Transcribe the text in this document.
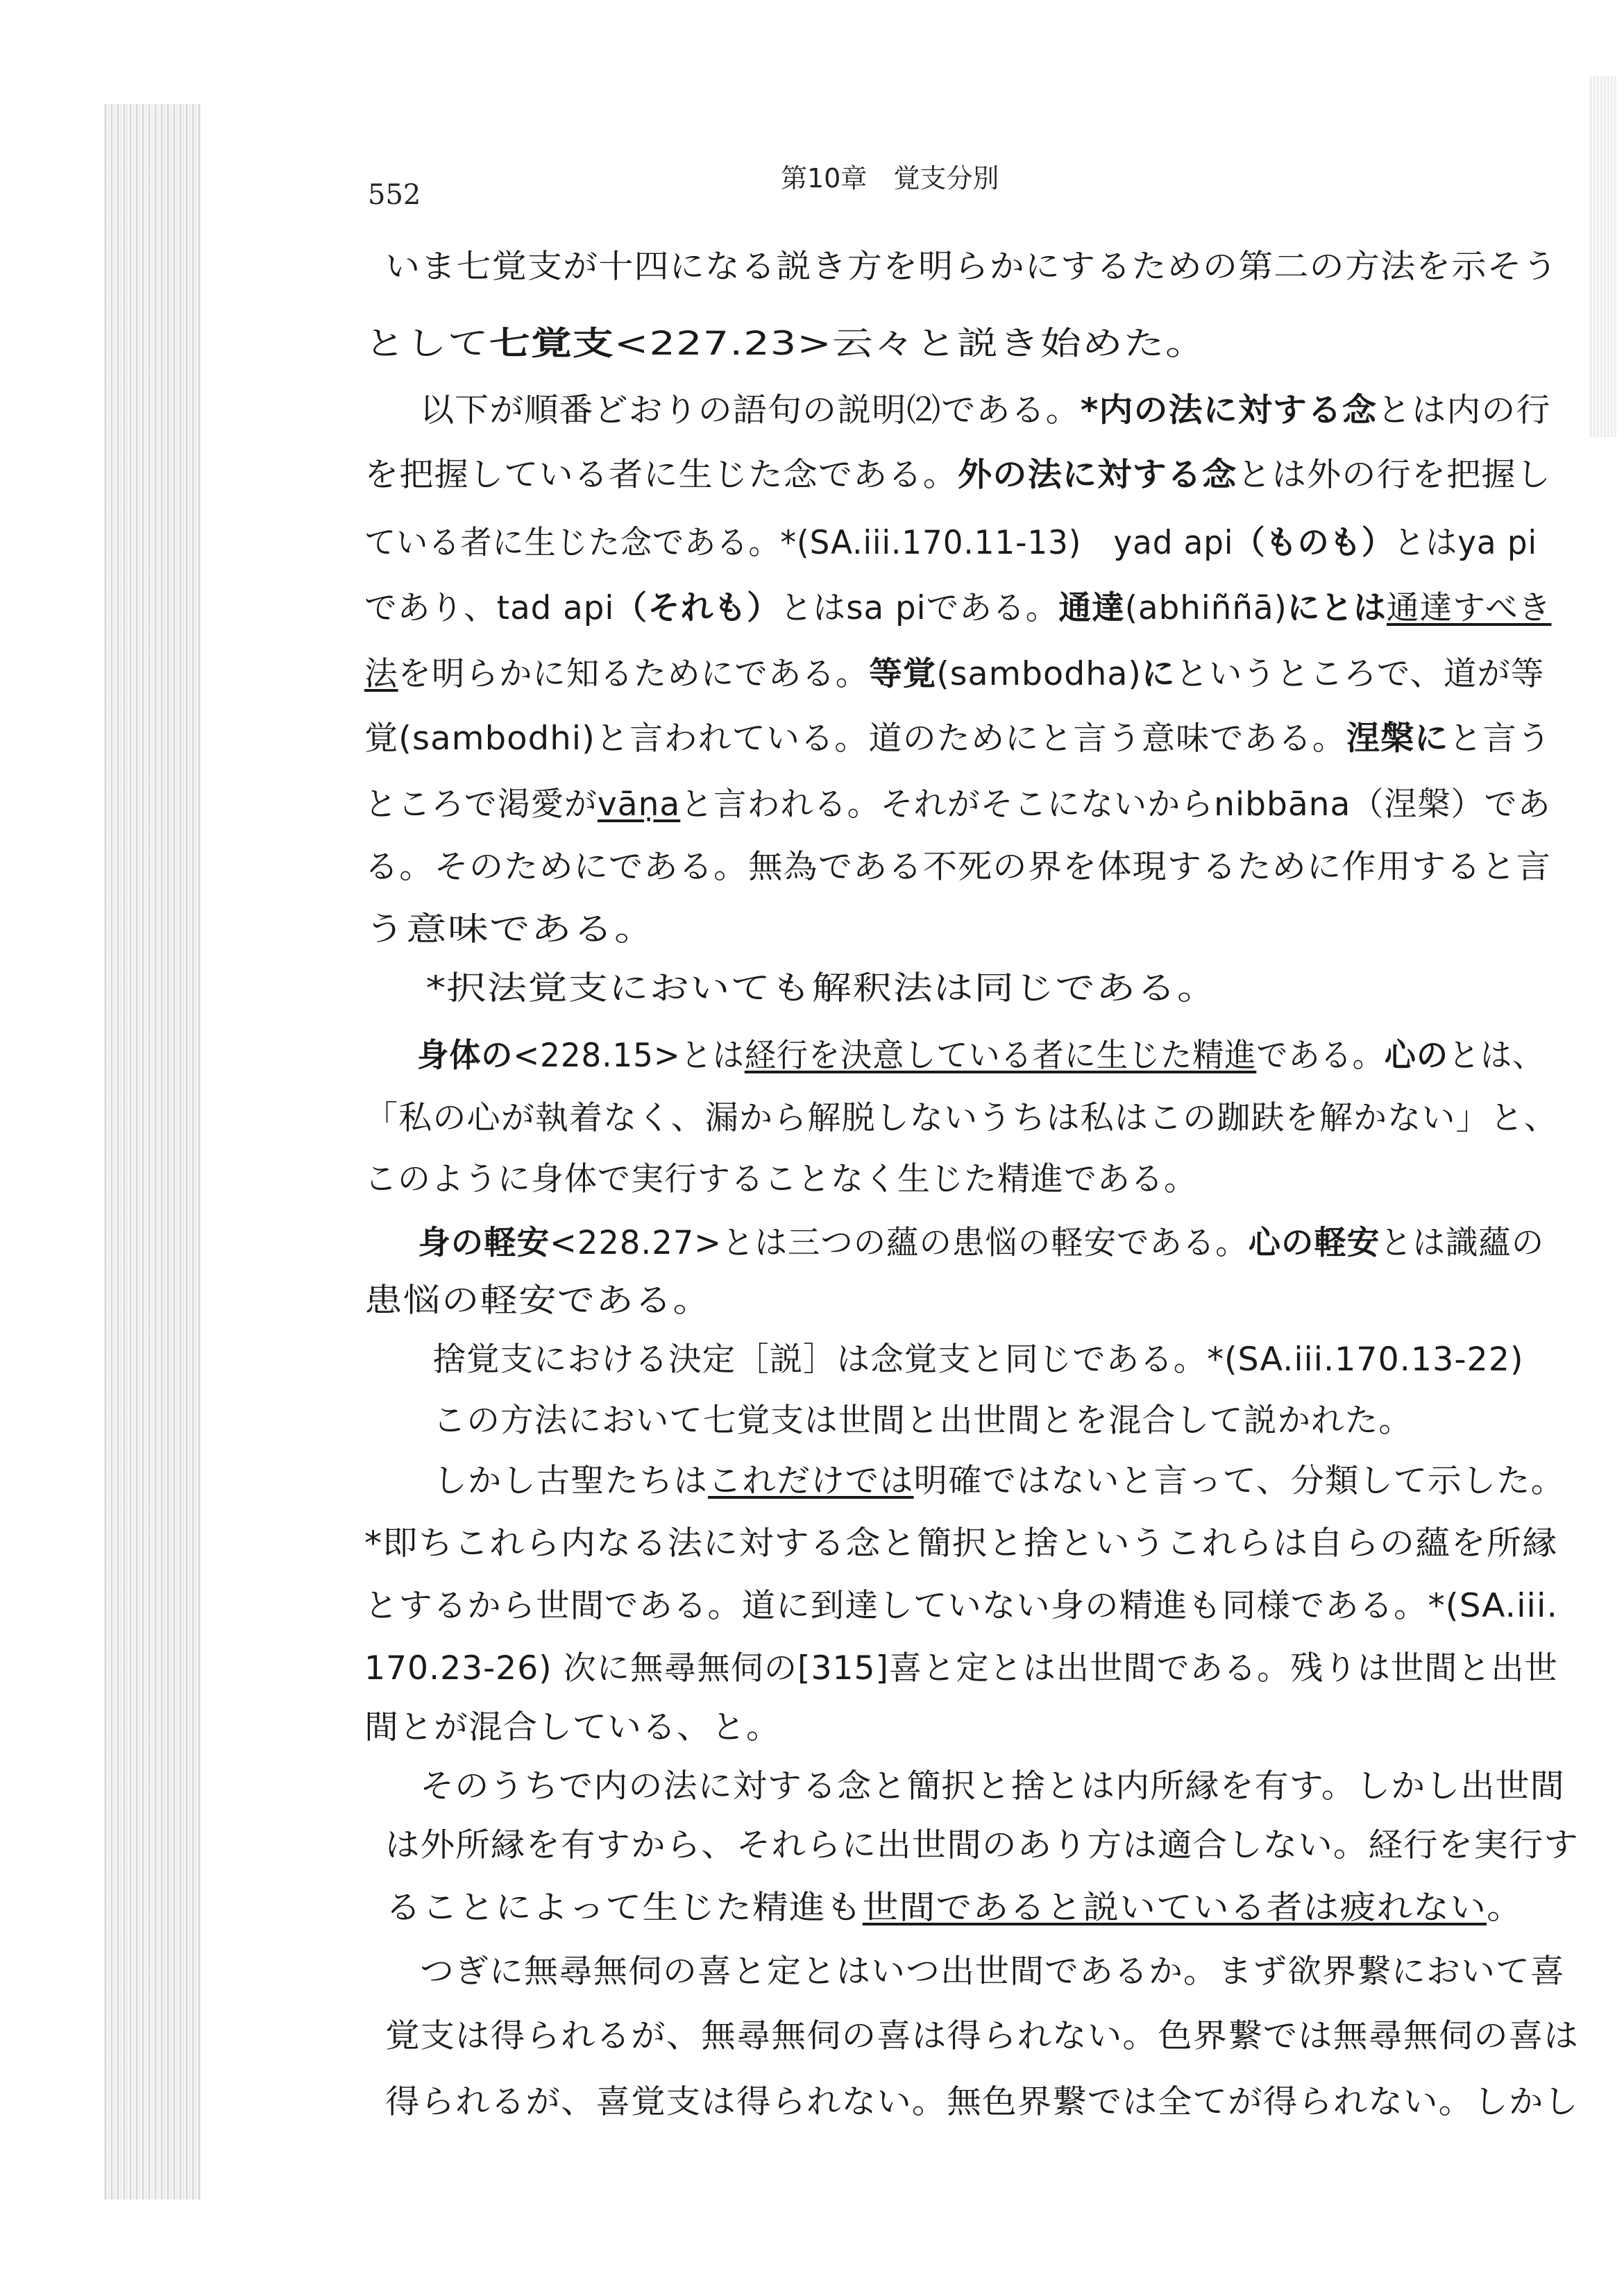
552
第10章　覚支分別
いま七覚支が十四になる説き方を明らかにするための第二の方法を示そう
として七覚支<227.23>云々と説き始めた。
　以下が順番どおりの語句の説明⑵である。*内の法に対する念とは内の行
を把握している者に生じた念である。外の法に対する念とは外の行を把握し
ている者に生じた念である。*(SA.iii.170.11-13)　yad api（ものも）とはya pi
であり、tad api（それも）とはsa piである。通達(abhiññā)にとは通達すべき
法を明らかに知るためにである。等覚(sambodha)にというところで、道が等
覚(sambodhi)と言われている。道のためにと言う意味である。涅槃にと言う
ところで渇愛がvāṇaと言われる。それがそこにないからnibbāna（涅槃）であ
る。そのためにである。無為である不死の界を体現するために作用すると言
う意味である。
　*択法覚支においても解釈法は同じである。
　身体の<228.15>とは経行を決意している者に生じた精進である。心のとは、
「私の心が執着なく、漏から解脱しないうちは私はこの跏趺を解かない」と、
このように身体で実行することなく生じた精進である。
　身の軽安<228.27>とは三つの蘊の患悩の軽安である。心の軽安とは識蘊の
患悩の軽安である。
　捨覚支における決定［説］は念覚支と同じである。*(SA.iii.170.13-22)
　この方法において七覚支は世間と出世間とを混合して説かれた。
　しかし古聖たちはこれだけでは明確ではないと言って、分類して示した。
*即ちこれら内なる法に対する念と簡択と捨というこれらは自らの蘊を所縁
とするから世間である。道に到達していない身の精進も同様である。*(SA.iii.
170.23-26) 次に無尋無伺の[315]喜と定とは出世間である。残りは世間と出世
間とが混合している、と。
　そのうちで内の法に対する念と簡択と捨とは内所縁を有す。しかし出世間
は外所縁を有すから、それらに出世間のあり方は適合しない。経行を実行す
ることによって生じた精進も世間であると説いている者は疲れない。
　つぎに無尋無伺の喜と定とはいつ出世間であるか。まず欲界繋において喜
覚支は得られるが、無尋無伺の喜は得られない。色界繋では無尋無伺の喜は
得られるが、喜覚支は得られない。無色界繋では全てが得られない。しかし
